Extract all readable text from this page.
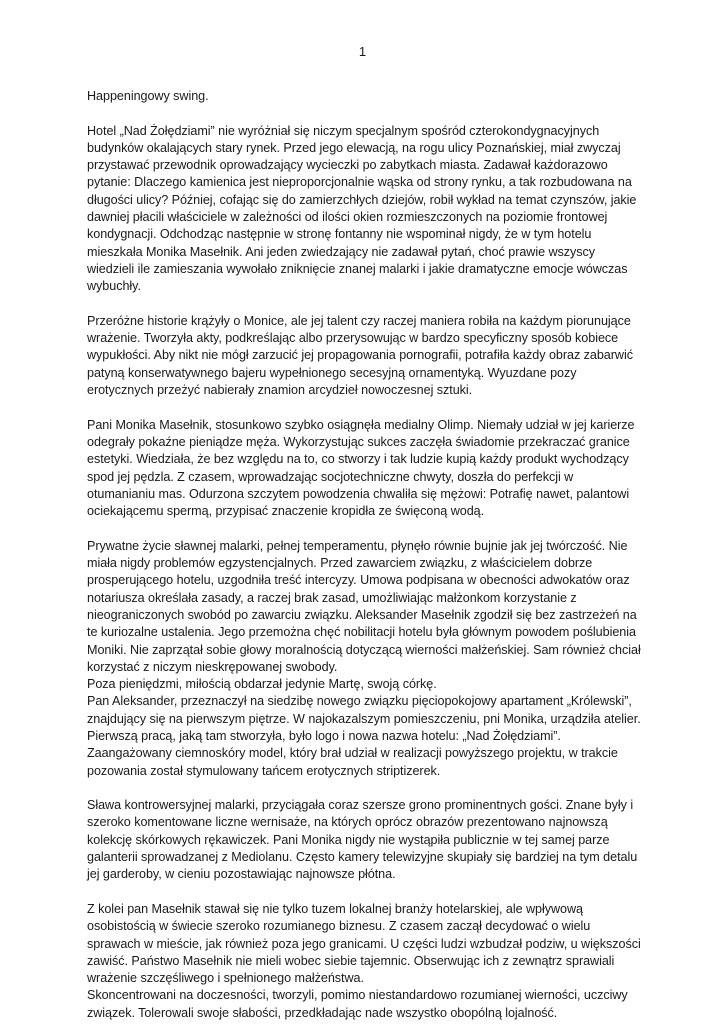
1

Happeningowy swing.

Hotel „Nad Żołędziami” nie wyróżniał się niczym specjalnym spośród czterokondygnacyjnych budynków okalających stary rynek. Przed jego elewacją, na rogu ulicy Poznańskiej, miał zwyczaj przystawać przewodnik oprowadzający wycieczki po zabytkach miasta. Zadawał każdorazowo pytanie: Dlaczego kamienica jest nieproporcjonalnie wąska od strony rynku, a tak rozbudowana na długości ulicy? Później, cofając się do zamierzchłych dziejów, robił wykład na temat czynszów, jakie dawniej płacili właściciele w zależności od ilości okien rozmieszczonych na poziomie frontowej kondygnacji. Odchodząc następnie w stronę fontanny nie wspominał nigdy, że w tym hotelu mieszkała Monika Masełnik. Ani jeden zwiedzający nie zadawał pytań, choć prawie wszyscy wiedzieli ile zamieszania wywołało zniknięcie znanej malarki i jakie dramatyczne emocje wówczas wybuchły.

Przeróżne historie krążyły o Monice, ale jej talent czy raczej maniera robiła na każdym piorunujące wrażenie. Tworzyła akty, podkreślając albo przerysowując w bardzo specyficzny sposób kobiece wypukłości. Aby nikt nie mógł zarzucić jej propagowania pornografii, potrafiła każdy obraz zabarwić patyną konserwatywnego bajeru wypełnionego secesyjną ornamentyką. Wyuzdane pozy erotycznych przeżyć nabierały znamion arcydzieł nowoczesnej sztuki.

Pani Monika Masełnik, stosunkowo szybko osiągnęła medialny Olimp. Niemały udział w jej karierze odegrały pokaźne pieniądze męża. Wykorzystując sukces zaczęła świadomie przekraczać granice estetyki. Wiedziała, że bez względu na to, co stworzy i tak ludzie kupią każdy produkt wychodzący spod jej pędzla. Z czasem, wprowadzając socjotechniczne chwyty, doszła do perfekcji w otumanianiu mas. Odurzona szczytem powodzenia chwaliła się mężowi: Potrafię nawet, palantowi ociekającemu spermą, przypisać znaczenie kropidła ze święconą wodą.

Prywatne życie sławnej malarki, pełnej temperamentu, płynęło równie bujnie jak jej twórczość. Nie miała nigdy problemów egzystencjalnych. Przed zawarciem związku, z właścicielem dobrze prosperującego hotelu, uzgodniła treść intercyzy. Umowa podpisana w obecności adwokatów oraz notariusza określała zasady, a raczej brak zasad, umożliwiając małżonkom korzystanie z nieograniczonych swobód po zawarciu związku. Aleksander Masełnik zgodził się bez zastrzeżeń na te kuriozalne ustalenia. Jego przemożna chęć nobilitacji hotelu była głównym powodem poślubienia Moniki. Nie zaprzątał sobie głowy moralnością dotyczącą wierności małżeńskiej. Sam również chciał korzystać z niczym nieskrępowanej swobody.

Poza pieniędzmi, miłością obdarzał jedynie Martę, swoją córkę.

Pan Aleksander, przeznaczył na siedzibę nowego związku pięciopokojowy apartament „Królewski”, znajdujący się na pierwszym piętrze. W najokazalszym pomieszczeniu, pni Monika, urządziła atelier. Pierwszą pracą, jaką tam stworzyła, było logo i nowa nazwa hotelu: „Nad Żołędziami”. Zaangażowany ciemnoskóry model, który brał udział w realizacji powyższego projektu, w trakcie pozowania został stymulowany tańcem erotycznych striptizerek.

Sława kontrowersyjnej malarki, przyciągała coraz szersze grono prominentnych gości. Znane były i szeroko komentowane liczne wernisaże, na których oprócz obrazów prezentowano najnowszą kolekcję skórkowych rękawiczek. Pani Monika nigdy nie wystąpiła publicznie w tej samej parze galanterii sprowadzanej z Mediolanu. Często kamery telewizyjne skupiały się bardziej na tym detalu jej garderoby, w cieniu pozostawiając najnowsze płótna.

Z kolei pan Masełnik stawał się nie tylko tuzem lokalnej branży hotelarskiej, ale wpływową osobistością w świecie szeroko rozumianego biznesu. Z czasem zaczął decydować o wielu sprawach w mieście, jak również poza jego granicami. U części ludzi wzbudzał podziw, u większości zawiść. Państwo Masełnik nie mieli wobec siebie tajemnic. Obserwując ich z zewnątrz sprawiali wrażenie szczęśliwego i spełnionego małżeństwa.

Skoncentrowani na doczesności, tworzyli, pomimo niestandardowo rozumianej wierności, uczciwy związek. Tolerowali swoje słabości, przedkładając nade wszystko obopólną lojalność.
